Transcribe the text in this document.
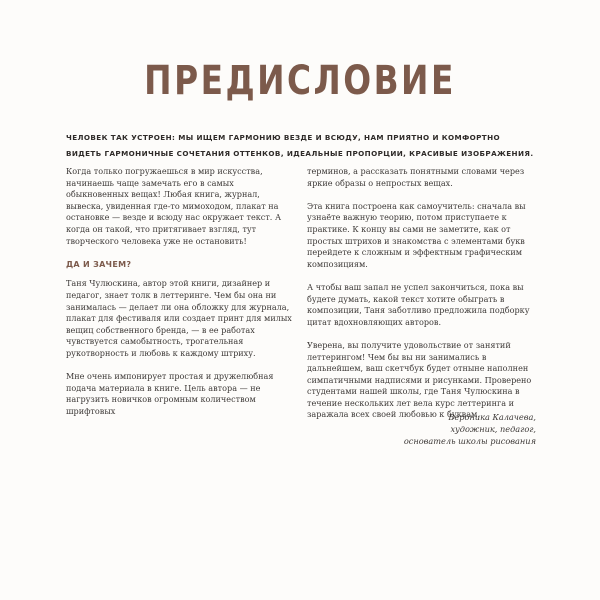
ПРЕДИСЛОВИЕ

ЧЕЛОВЕК ТАК УСТРОЕН: МЫ ИЩЕМ ГАРМОНИЮ ВЕЗДЕ И ВСЮДУ, НАМ ПРИЯТНО И КОМФОРТНО ВИДЕТЬ ГАРМОНИЧНЫЕ СОЧЕТАНИЯ ОТТЕНКОВ, ИДЕАЛЬНЫЕ ПРОПОРЦИИ, КРАСИВЫЕ ИЗОБРАЖЕНИЯ.

Когда только погружаешься в мир искусства, начинаешь чаще замечать его в самых обыкновенных вещах! Любая книга, журнал, вывеска, увиденная где-то мимоходом, плакат на остановке — везде и всюду нас окружает текст. А когда он такой, что притягивает взгляд, тут творческого человека уже не остановить!

ДА И ЗАЧЕМ?

Таня Чулюскина, автор этой книги, дизайнер и педагог, знает толк в леттеринге. Чем бы она ни занималась — делает ли она обложку для журнала, плакат для фестиваля или создает принт для милых вещиц собственного бренда, — в ее работах чувствуется самобытность, трогательная рукотворность и любовь к каждому штриху.

Мне очень импонирует простая и дружелюбная подача материала в книге. Цель автора — не нагрузить новичков огромным количеством шрифтовых

терминов, а рассказать понятными словами через яркие образы о непростых вещах.

Эта книга построена как самоучитель: сначала вы узнаёте важную теорию, потом приступаете к практике. К концу вы сами не заметите, как от простых штрихов и знакомства с элементами букв перейдете к сложным и эффектным графическим композициям.

А чтобы ваш запал не успел закончиться, пока вы будете думать, какой текст хотите обыграть в композиции, Таня заботливо предложила подборку цитат вдохновляющих авторов.

Уверена, вы получите удовольствие от занятий леттерингом! Чем бы вы ни занимались в дальнейшем, ваш скетчбук будет отныне наполнен симпатичными надписями и рисунками. Проверено студентами нашей школы, где Таня Чулюскина в течение нескольких лет вела курс леттеринга и заражала всех своей любовью к буквам.

Вероника Калачева,
художник, педагог,
основатель школы рисования
